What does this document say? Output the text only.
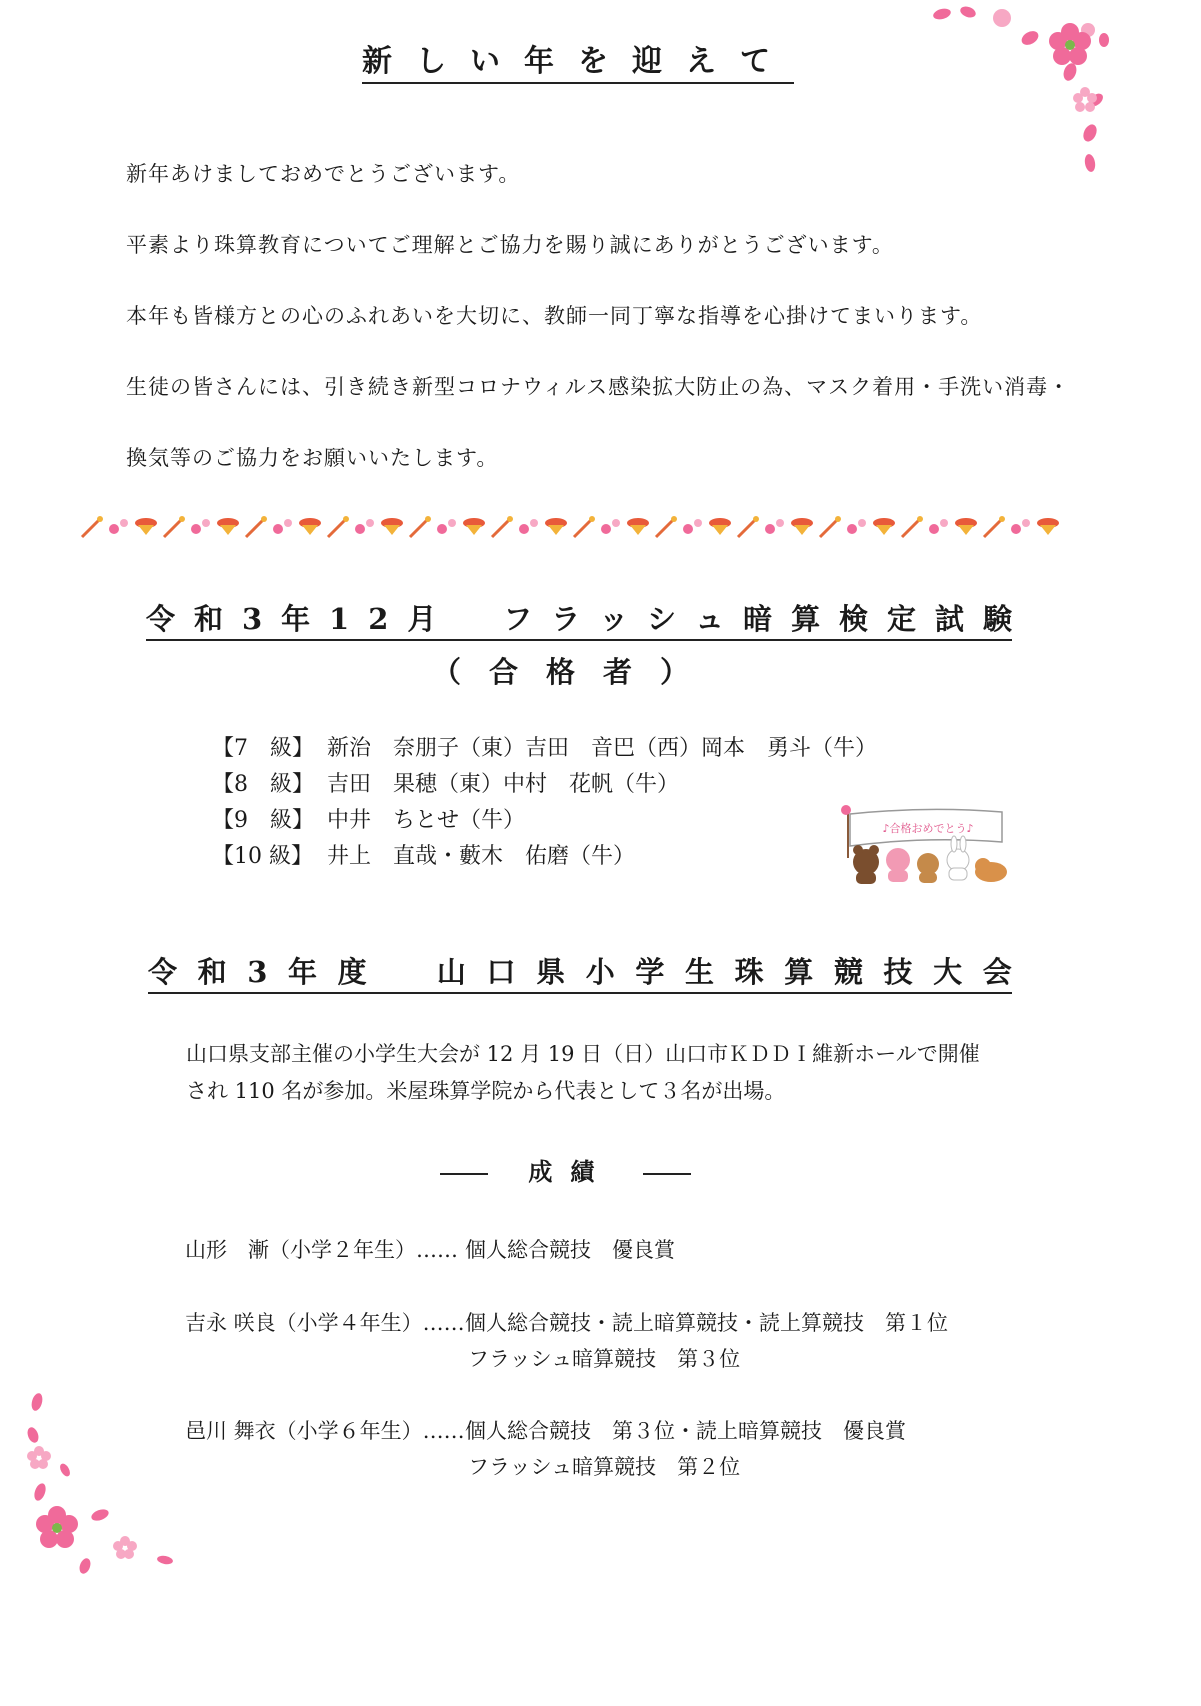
新しい年を迎えて
新年あけましておめでとうございます。
平素より珠算教育についてご理解とご協力を賜り誠にありがとうございます。
本年も皆様方との心のふれあいを大切に、教師一同丁寧な指導を心掛けてまいります。
生徒の皆さんには、引き続き新型コロナウィルス感染拡大防止の為、マスク着用・手洗い消毒・
換気等のご協力をお願いいたします。
令 和 3 年 1 2 月
　 フ ラ ッ シ ュ 暗 算 検 定 試 験
（合格者）
【7　級】 新治　奈朋子（東）吉田　音巴（西）岡本　勇斗（牛）
【8　級】 吉田　果穂（東）中村　花帆（牛）
【9　級】 中井　ちとせ（牛）
【10 級】 井上　直哉・藪木　佑磨（牛）
♪合格おめでとう♪
令 和 3 年 度
　 山 口 県 小 学 生 珠 算 競 技 大 会
山口県支部主催の小学生大会が 12 月 19 日（日）山口市ＫＤＤＩ維新ホールで開催
され 110 名が参加。米屋珠算学院から代表として３名が出場。
成績
山形　漸（小学２年生）…… 個人総合競技　優良賞
吉永 咲良（小学４年生）…… 個人総合競技・読上暗算競技・読上算競技　第１位
フラッシュ暗算競技　第３位
邑川 舞衣（小学６年生）…… 個人総合競技　第３位・読上暗算競技　優良賞
フラッシュ暗算競技　第２位
